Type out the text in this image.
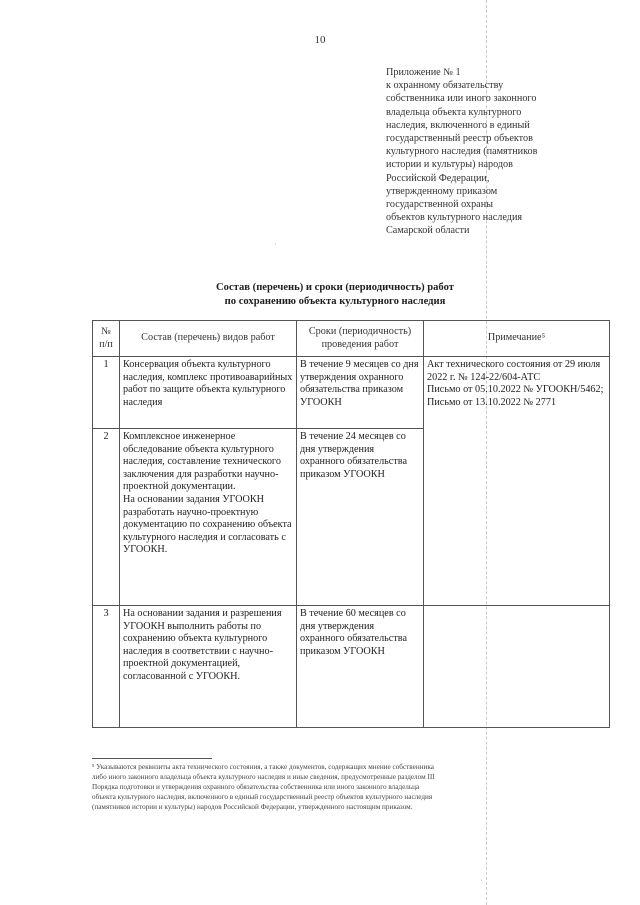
10
Приложение № 1
к охранному обязательству
собственника или иного законного
владельца объекта культурного
наследия, включенного в единый
государственный реестр объектов
культурного наследия (памятников
истории и культуры) народов
Российской Федерации,
утвержденному приказом
государственной охраны
объектов культурного наследия
Самарской области
Состав (перечень) и сроки (периодичность) работ
по сохранению объекта культурного наследия
№ п/п	Состав (перечень) видов работ	Сроки (периодичность) проведения работ	Примечание⁵
1	Консервация объекта культурного наследия, комплекс противоаварийных работ по защите объекта культурного наследия	В течение 9 месяцев со дня утверждения охранного обязательства приказом УГООКН	Акт технического состояния от 29 июля 2022 г. № 124-22/604-АТС
Письмо от 05.10.2022 № УГООКН/5462;
Письмо от 13.10.2022 № 2771
2	Комплексное инженерное обследование объекта культурного наследия, составление технического заключения для разработки научно-проектной документации.
На основании задания УГООКН разработать научно-проектную документацию по сохранению объекта культурного наследия и согласовать с УГООКН.	В течение 24 месяцев со дня утверждения охранного обязательства приказом УГООКН	
3	На основании задания и разрешения УГООКН выполнить работы по сохранению объекта культурного наследия в соответствии с научно-проектной документацией, согласованной с УГООКН.	В течение 60 месяцев со дня утверждения охранного обязательства приказом УГООКН	
⁵ Указываются реквизиты акта технического состояния, а также документов, содержащих мнение собственника
либо иного законного владельца объекта культурного наследия и иные сведения, предусмотренные разделом III
Порядка подготовки и утверждения охранного обязательства собственника или иного законного владельца
объекта культурного наследия, включенного в единый государственный реестр объектов культурного наследия
(памятников истории и культуры) народов Российской Федерации, утвержденного настоящим приказом.
·
·
